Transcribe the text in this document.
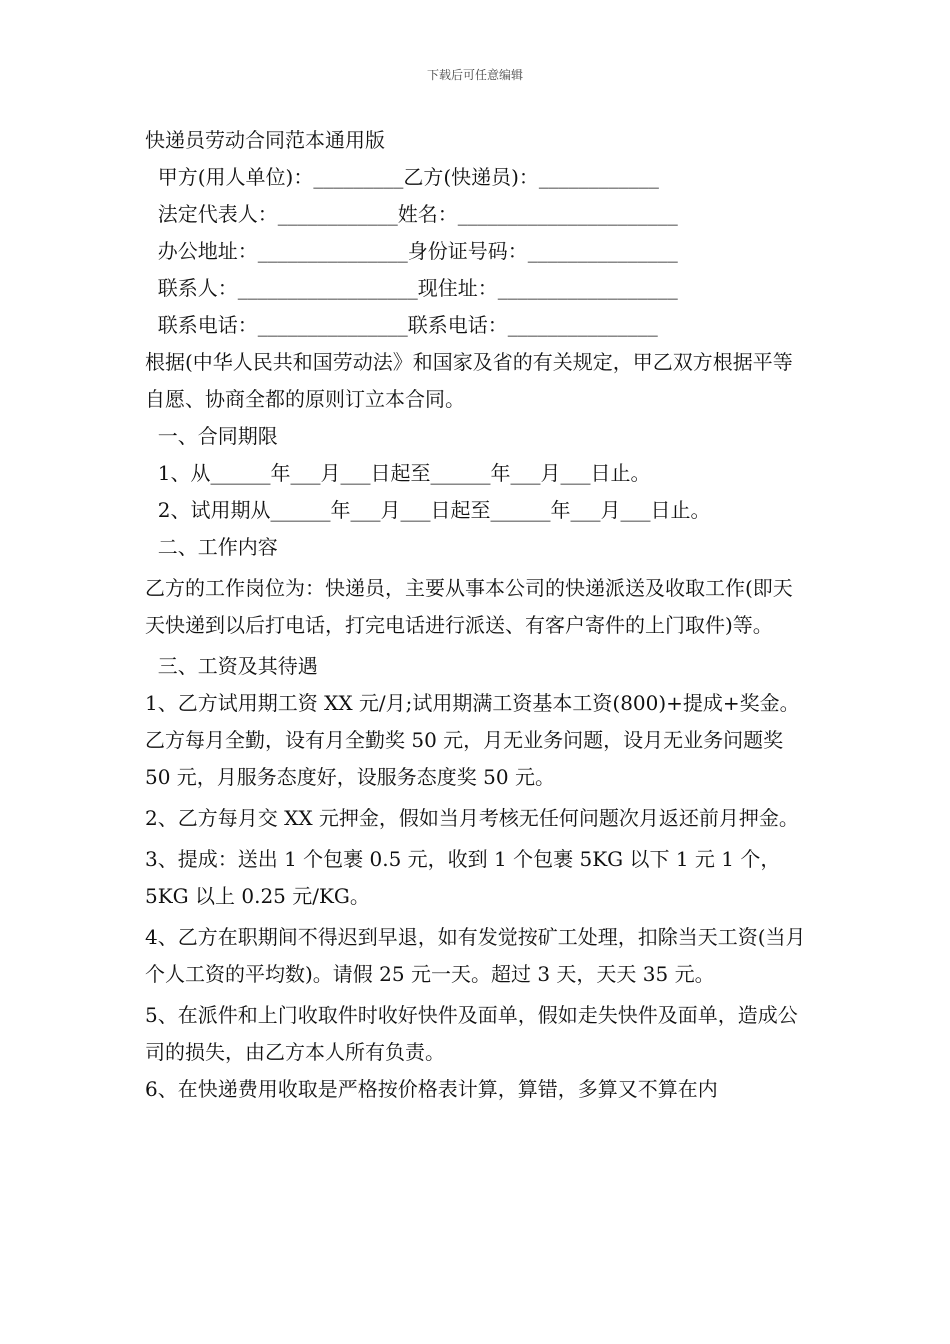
下载后可任意编辑

快递员劳动合同范本通用版

甲方(用人单位)：_________乙方(快递员)：____________

法定代表人：____________姓名：______________________

办公地址：_______________身份证号码：_______________

联系人：__________________现住址：__________________

联系电话：_______________联系电话：_______________

根据(中华人民共和国劳动法》和国家及省的有关规定，甲乙双方根据平等自愿、协商全都的原则订立本合同。

一、合同期限

1、从______年___月___日起至______年___月___日止。

2、试用期从______年___月___日起至______年___月___日止。

二、工作内容

乙方的工作岗位为：快递员，主要从事本公司的快递派送及收取工作(即天天快递到以后打电话，打完电话进行派送、有客户寄件的上门取件)等。

三、工资及其待遇

1、乙方试用期工资 XX 元/月;试用期满工资基本工资(800)+提成+奖金。乙方每月全勤，设有月全勤奖 50 元，月无业务问题，设月无业务问题奖 50 元，月服务态度好，设服务态度奖 50 元。

2、乙方每月交 XX 元押金，假如当月考核无任何问题次月返还前月押金。

3、提成：送出 1 个包裹 0.5 元，收到 1 个包裹 5KG 以下 1 元 1 个，5KG 以上 0.25 元/KG。

4、乙方在职期间不得迟到早退，如有发觉按矿工处理，扣除当天工资(当月个人工资的平均数)。请假 25 元一天。超过 3 天，天天 35 元。

5、在派件和上门收取件时收好快件及面单，假如走失快件及面单，造成公司的损失，由乙方本人所有负责。

6、在快递费用收取是严格按价格表计算，算错，多算又不算在内
